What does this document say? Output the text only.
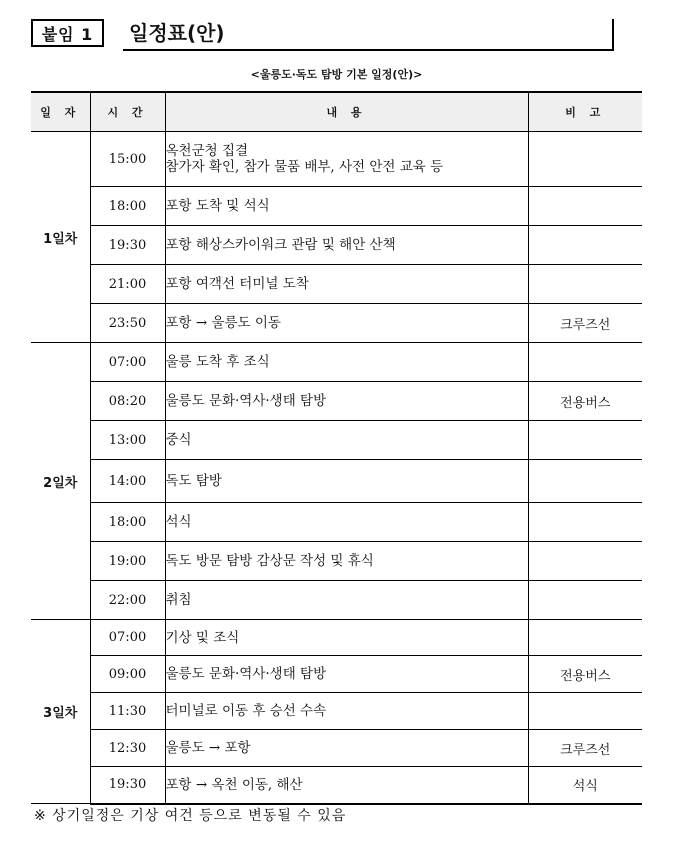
붙임 1	일정표(안)
<울릉도·독도 탐방 기본 일정(안)>
일 자	시 간	내 용	비 고
1일차	15:00	옥천군청 집결
참가자 확인, 참가 물품 배부, 사전 안전 교육 등	

	18:00	포항 도착 및 석식	

	19:30	포항 해상스카이워크 관람 및 해안 산책	

	21:00	포항 여객선 터미널 도착	

	23:50	포항 → 울릉도 이동	크루즈선
2일차	07:00	울릉 도착 후 조식	

	08:20	울릉도 문화·역사·생태 탐방	전용버스
	13:00	중식	

	14:00	독도 탐방	

	18:00	석식	

	19:00	독도 방문 탐방 감상문 작성 및 휴식	

	22:00	취침	

3일차	07:00	기상 및 조식	

	09:00	울릉도 문화·역사·생태 탐방	전용버스
	11:30	터미널로 이동 후 승선 수속	

	12:30	울릉도 → 포항	크루즈선
	19:30	포항 → 옥천 이동, 해산	석식
※ 상기일정은 기상 여건 등으로 변동될 수 있음
